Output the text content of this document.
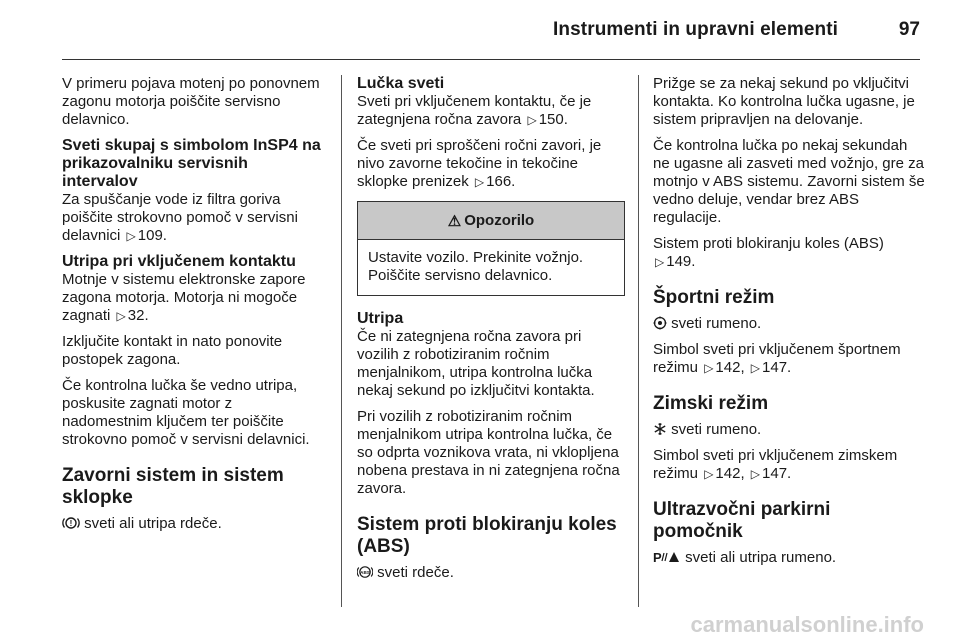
Instrumenti in upravni elementi	97

V primeru pojava motenj po ponovnem zagonu motorja poiščite servisno delavnico.

Sveti skupaj s simbolom InSP4 na prikazovalniku servisnih intervalov

Za spuščanje vode iz filtra goriva poiščite strokovno pomoč v servisni delavnici ▷ 109.

Utripa pri vključenem kontaktu

Motnje v sistemu elektronske zapore zagona motorja. Motorja ni mogoče zagnati ▷ 32.

Izključite kontakt in nato ponovite postopek zagona.

Če kontrolna lučka še vedno utripa, poskusite zagnati motor z nadomestnim ključem ter poiščite strokovno pomoč v servisni delavnici.

Zavorni sistem in sistem sklopke

! sveti ali utripa rdeče.

Lučka sveti

Sveti pri vključenem kontaktu, če je zategnjena ročna zavora ▷ 150.

Če sveti pri sproščeni ročni zavori, je nivo zavorne tekočine in tekočine sklopke prenizek ▷ 166.

⚠ Opozorilo
Ustavite vozilo. Prekinite vožnjo. Poiščite servisno delavnico.
Utripa

Če ni zategnjena ročna zavora pri vozilih z robotiziranim ročnim menjalnikom, utripa kontrolna lučka nekaj sekund po izključitvi kontakta.

Pri vozilih z robotiziranim ročnim menjalnikom utripa kontrolna lučka, če so odprta voznikova vrata, ni vklopljena nobena prestava in ni zategnjena ročna zavora.

Sistem proti blokiranju koles (ABS)

ABS sveti rdeče.

Prižge se za nekaj sekund po vključitvi kontakta. Ko kontrolna lučka ugasne, je sistem pripravljen na delovanje.

Če kontrolna lučka po nekaj sekundah ne ugasne ali zasveti med vožnjo, gre za motnjo v ABS sistemu. Zavorni sistem še vedno deluje, vendar brez ABS regulacije.

Sistem proti blokiranju koles (ABS)
▷ 149.

Športni režim

sveti rumeno.

Simbol sveti pri vključenem športnem režimu ▷ 142, ▷ 147.

Zimski režim

sveti rumeno.

Simbol sveti pri vključenem zimskem režimu ▷ 142, ▷ 147.

Ultrazvočni parkirni pomočnik

P sveti ali utripa rumeno.

carmanualsonline.info
